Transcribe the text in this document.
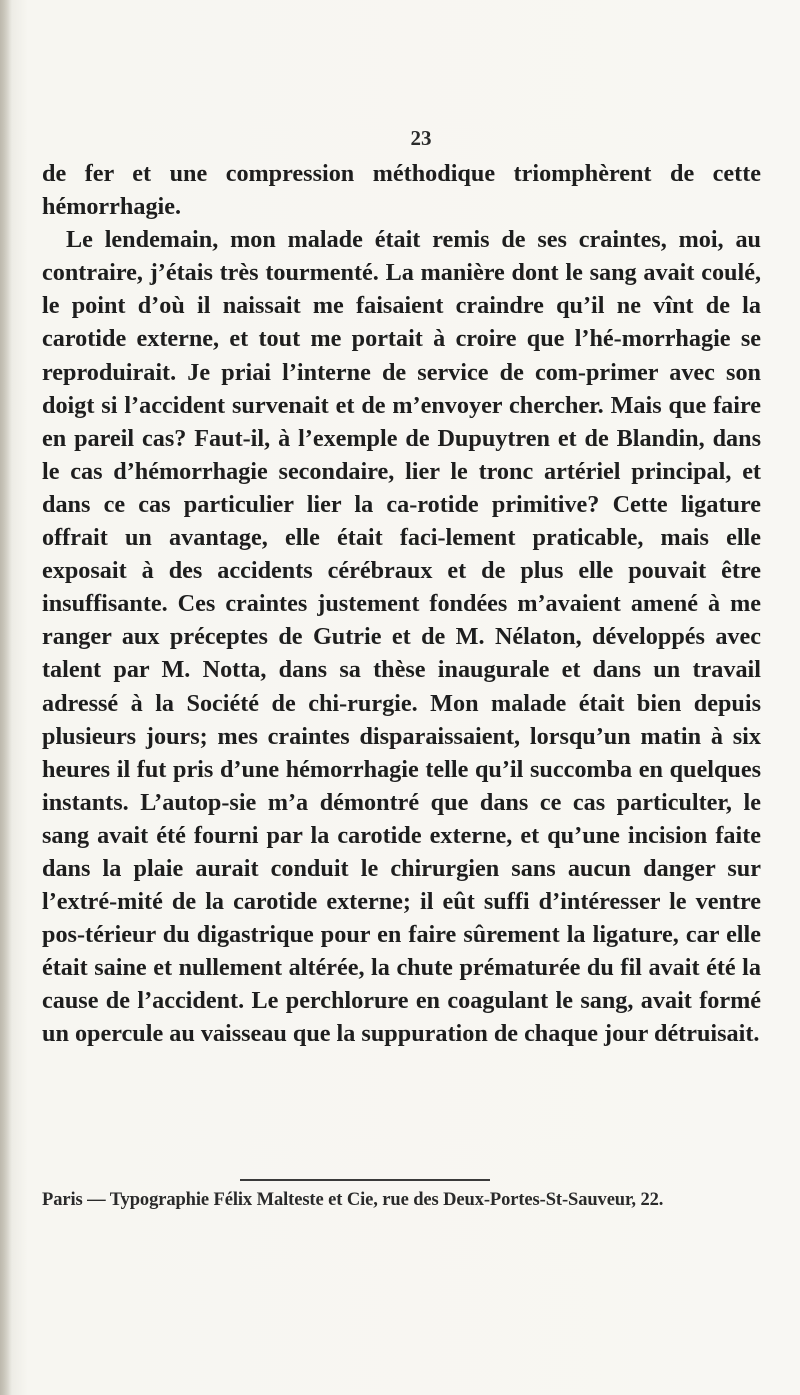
23

de fer et une compression méthodique triomphèrent de cette hémorrhagie.

Le lendemain, mon malade était remis de ses craintes, moi, au contraire, j’étais très tourmenté. La manière dont le sang avait coulé, le point d’où il naissait me faisaient craindre qu’il ne vînt de la carotide externe, et tout me portait à croire que l’hé-morrhagie se reproduirait. Je priai l’interne de service de com-primer avec son doigt si l’accident survenait et de m’envoyer chercher. Mais que faire en pareil cas? Faut-il, à l’exemple de Dupuytren et de Blandin, dans le cas d’hémorrhagie secondaire, lier le tronc artériel principal, et dans ce cas particulier lier la ca-rotide primitive? Cette ligature offrait un avantage, elle était faci-lement praticable, mais elle exposait à des accidents cérébraux et de plus elle pouvait être insuffisante. Ces craintes justement fondées m’avaient amené à me ranger aux préceptes de Gutrie et de M. Nélaton, développés avec talent par M. Notta, dans sa thèse inaugurale et dans un travail adressé à la Société de chi-rurgie. Mon malade était bien depuis plusieurs jours; mes craintes disparaissaient, lorsqu’un matin à six heures il fut pris d’une hémorrhagie telle qu’il succomba en quelques instants. L’autop-sie m’a démontré que dans ce cas particulter, le sang avait été fourni par la carotide externe, et qu’une incision faite dans la plaie aurait conduit le chirurgien sans aucun danger sur l’extré-mité de la carotide externe; il eût suffi d’intéresser le ventre pos-térieur du digastrique pour en faire sûrement la ligature, car elle était saine et nullement altérée, la chute prématurée du fil avait été la cause de l’accident. Le perchlorure en coagulant le sang, avait formé un opercule au vaisseau que la suppuration de chaque jour détruisait.

Paris — Typographie Félix Malteste et Cie, rue des Deux-Portes-St-Sauveur, 22.
